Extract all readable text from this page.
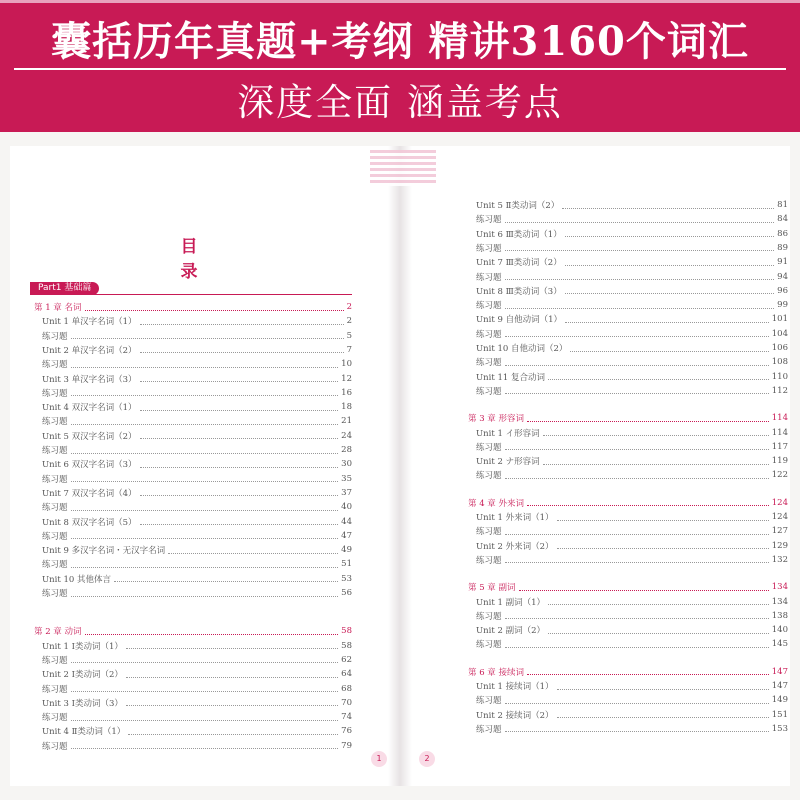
囊括历年真题+考纲 精讲3160个词汇
深度全面 涵盖考点
目 录
Part1 基础篇
第 1 章 名词	2
Unit 1 单汉字名词（1）	2
练习题	5
Unit 2 单汉字名词（2）	7
练习题	10
Unit 3 单汉字名词（3）	12
练习题	16
Unit 4 双汉字名词（1）	18
练习题	21
Unit 5 双汉字名词（2）	24
练习题	28
Unit 6 双汉字名词（3）	30
练习题	35
Unit 7 双汉字名词（4）	37
练习题	40
Unit 8 双汉字名词（5）	44
练习题	47
Unit 9 多汉字名词・无汉字名词	49
练习题	51
Unit 10 其他体言	53
练习题	56
第 2 章 动词	58
Unit 1 Ⅰ类动词（1）	58
练习题	62
Unit 2 Ⅰ类动词（2）	64
练习题	68
Unit 3 Ⅰ类动词（3）	70
练习题	74
Unit 4 Ⅱ类动词（1）	76
练习题	79
Unit 5 Ⅱ类动词（2）	81
练习题	84
Unit 6 Ⅲ类动词（1）	86
练习题	89
Unit 7 Ⅲ类动词（2）	91
练习题	94
Unit 8 Ⅲ类动词（3）	96
练习题	99
Unit 9 自他动词（1）	101
练习题	104
Unit 10 自他动词（2）	106
练习题	108
Unit 11 复合动词	110
练习题	112
第 3 章 形容词	114
Unit 1 イ形容词	114
练习题	117
Unit 2 ナ形容词	119
练习题	122
第 4 章 外来词	124
Unit 1 外来词（1）	124
练习题	127
Unit 2 外来词（2）	129
练习题	132
第 5 章 副词	134
Unit 1 副词（1）	134
练习题	138
Unit 2 副词（2）	140
练习题	145
第 6 章 接续词	147
Unit 1 接续词（1）	147
练习题	149
Unit 2 接续词（2）	151
练习题	153
1	2
